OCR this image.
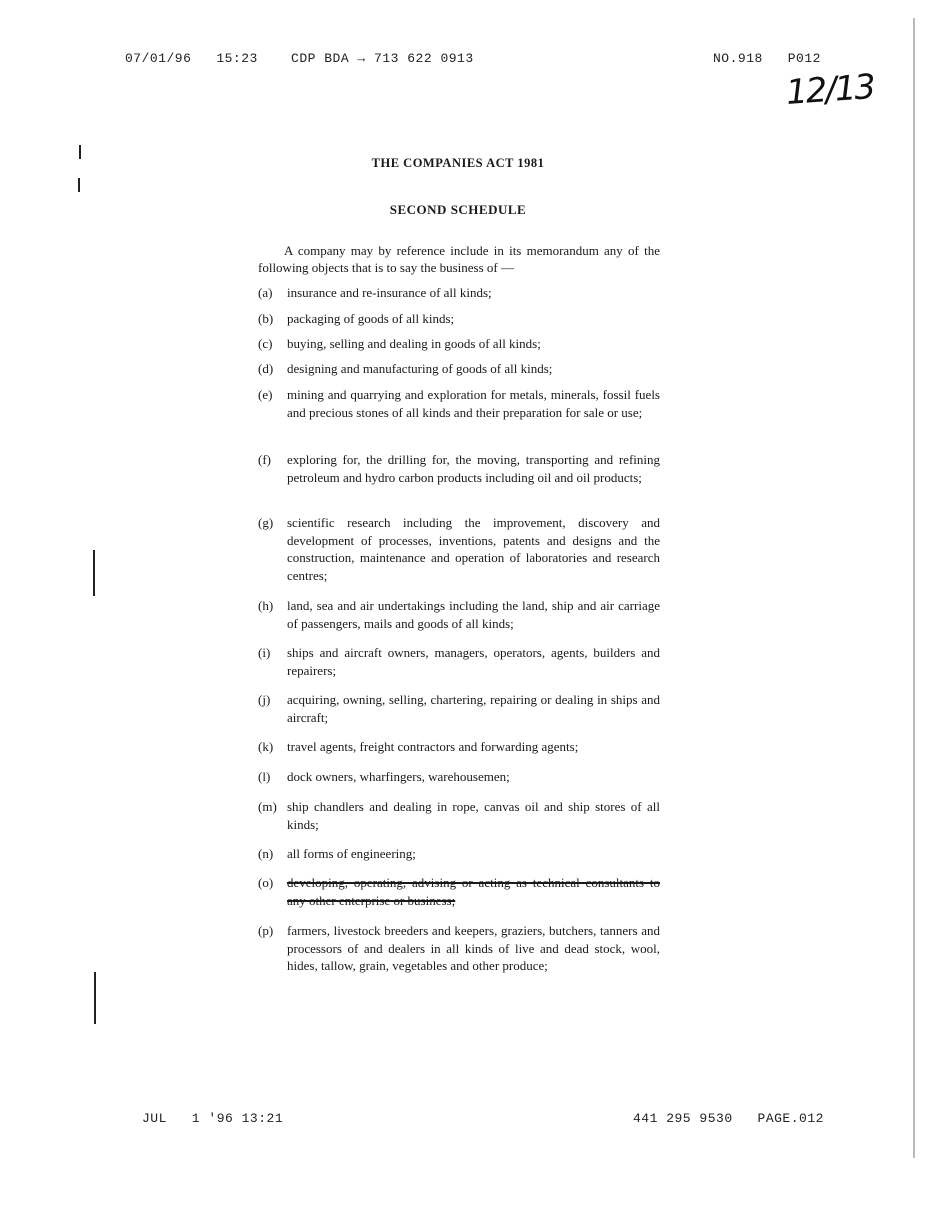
07/01/96   15:23    CDP BDA → 713 622 0913	NO.918   P012
12/13
THE COMPANIES ACT 1981
SECOND SCHEDULE
A company may by reference include in its memorandum any of the following objects that is to say the business of —
(a)	insurance and re-insurance of all kinds;
(b)	packaging of goods of all kinds;
(c)	buying, selling and dealing in goods of all kinds;
(d)	designing and manufacturing of goods of all kinds;
(e)	mining and quarrying and exploration for metals, minerals, fossil fuels and precious stones of all kinds and their preparation for sale or use;
(f)	exploring for, the drilling for, the moving, transporting and refining petroleum and hydro carbon products including oil and oil products;
(g)	scientific research including the improvement, discovery and development of processes, inventions, patents and designs and the construction, maintenance and operation of laboratories and research centres;
(h)	land, sea and air undertakings including the land, ship and air carriage of passengers, mails and goods of all kinds;
(i)	ships and aircraft owners, managers, operators, agents, builders and repairers;
(j)	acquiring, owning, selling, chartering, repairing or dealing in ships and aircraft;
(k)	travel agents, freight contractors and forwarding agents;
(l)	dock owners, wharfingers, warehousemen;
(m) ship chandlers and dealing in rope, canvas oil and ship stores of all kinds;
(n)	all forms of engineering;
(o)	developing, operating, advising or acting as technical consultants to any other enterprise or business;
(p)	farmers, livestock breeders and keepers, graziers, butchers, tanners and processors of and dealers in all kinds of live and dead stock, wool, hides, tallow, grain, vegetables and other produce;
JUL   1 '96 13:21	441 295 9530   PAGE.012
